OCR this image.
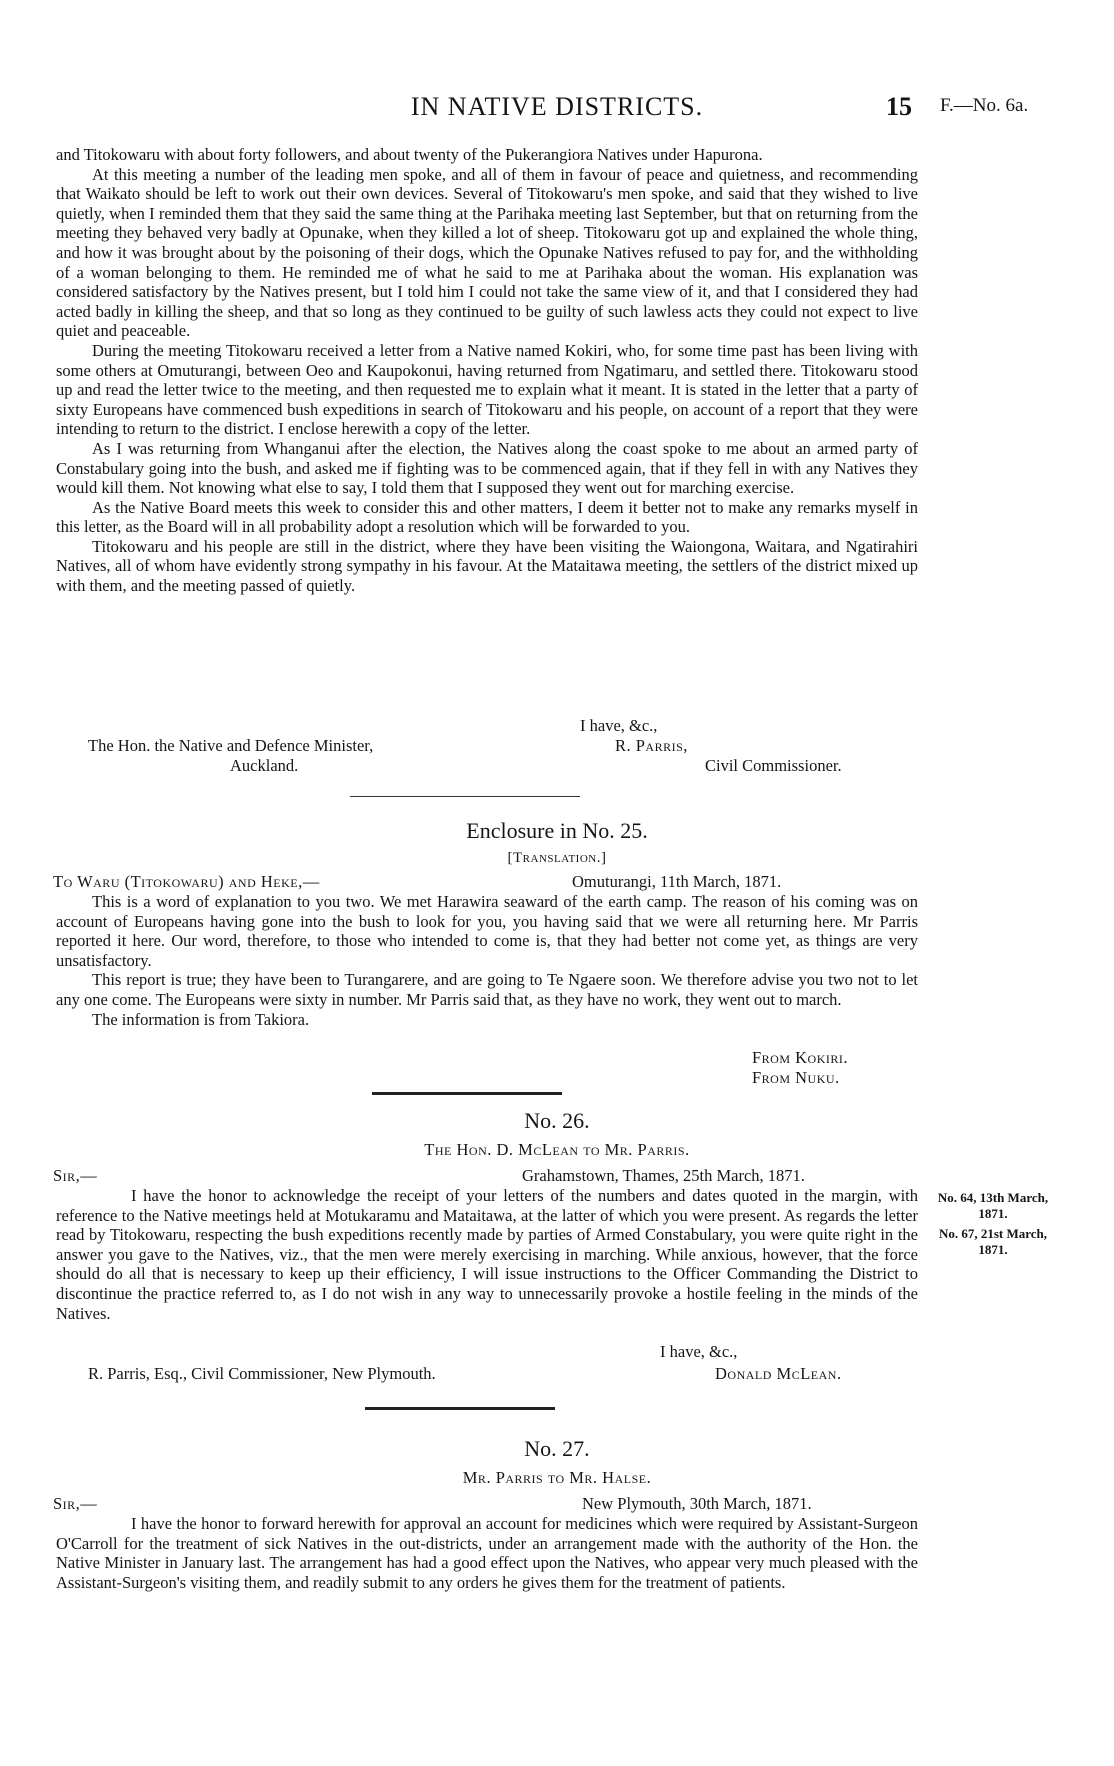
IN NATIVE DISTRICTS.	15 F.—No. 6a.

and Titokowaru with about forty followers, and about twenty of the Pukerangiora Natives under Hapurona.

At this meeting a number of the leading men spoke, and all of them in favour of peace and quietness, and recommending that Waikato should be left to work out their own devices. Several of Titokowaru's men spoke, and said that they wished to live quietly, when I reminded them that they said the same thing at the Parihaka meeting last September, but that on returning from the meeting they behaved very badly at Opunake, when they killed a lot of sheep. Titokowaru got up and explained the whole thing, and how it was brought about by the poisoning of their dogs, which the Opunake Natives refused to pay for, and the withholding of a woman belonging to them. He reminded me of what he said to me at Parihaka about the woman. His explanation was considered satisfactory by the Natives present, but I told him I could not take the same view of it, and that I considered they had acted badly in killing the sheep, and that so long as they continued to be guilty of such lawless acts they could not expect to live quiet and peaceable.

During the meeting Titokowaru received a letter from a Native named Kokiri, who, for some time past has been living with some others at Omuturangi, between Oeo and Kaupokonui, having returned from Ngatimaru, and settled there. Titokowaru stood up and read the letter twice to the meeting, and then requested me to explain what it meant. It is stated in the letter that a party of sixty Europeans have commenced bush expeditions in search of Titokowaru and his people, on account of a report that they were intending to return to the district. I enclose herewith a copy of the letter.

As I was returning from Whanganui after the election, the Natives along the coast spoke to me about an armed party of Constabulary going into the bush, and asked me if fighting was to be commenced again, that if they fell in with any Natives they would kill them. Not knowing what else to say, I told them that I supposed they went out for marching exercise.

As the Native Board meets this week to consider this and other matters, I deem it better not to make any remarks myself in this letter, as the Board will in all probability adopt a resolution which will be forwarded to you.

Titokowaru and his people are still in the district, where they have been visiting the Waiongona, Waitara, and Ngatirahiri Natives, all of whom have evidently strong sympathy in his favour. At the Mataitawa meeting, the settlers of the district mixed up with them, and the meeting passed of quietly.

I have, &c.,
The Hon. the Native and Defence Minister,
Auckland.
R. Parris,
Civil Commissioner.
Enclosure in No. 25.
[Translation.]
To Waru (Titokowaru) and Heke,—	Omuturangi, 11th March, 1871.

This is a word of explanation to you two. We met Harawira seaward of the earth camp. The reason of his coming was on account of Europeans having gone into the bush to look for you, you having said that we were all returning here. Mr Parris reported it here. Our word, therefore, to those who intended to come is, that they had better not come yet, as things are very unsatisfactory.

This report is true; they have been to Turangarere, and are going to Te Ngaere soon. We therefore advise you two not to let any one come. The Europeans were sixty in number. Mr Parris said that, as they have no work, they went out to march.

The information is from Takiora.

From Kokiri.
From Nuku.
No. 26.
The Hon. D. McLean to Mr. Parris.
Sir,—	Grahamstown, Thames, 25th March, 1871.

I have the honor to acknowledge the receipt of your letters of the numbers and dates quoted in the margin, with reference to the Native meetings held at Motukaramu and Mataitawa, at the latter of which you were present. As regards the letter read by Titokowaru, respecting the bush expeditions recently made by parties of Armed Constabulary, you were quite right in the answer you gave to the Natives, viz., that the men were merely exercising in marching. While anxious, however, that the force should do all that is necessary to keep up their efficiency, I will issue instructions to the Officer Commanding the District to discontinue the practice referred to, as I do not wish in any way to unnecessarily provoke a hostile feeling in the minds of the Natives.

No. 64, 13th March,
1871.
No. 67, 21st March,
1871.
I have, &c.,
R. Parris, Esq., Civil Commissioner, New Plymouth.	Donald McLean.
No. 27.
Mr. Parris to Mr. Halse.
Sir,—	New Plymouth, 30th March, 1871.

I have the honor to forward herewith for approval an account for medicines which were required by Assistant-Surgeon O'Carroll for the treatment of sick Natives in the out-districts, under an arrangement made with the authority of the Hon. the Native Minister in January last. The arrangement has had a good effect upon the Natives, who appear very much pleased with the Assistant-Surgeon's visiting them, and readily submit to any orders he gives them for the treatment of patients.
